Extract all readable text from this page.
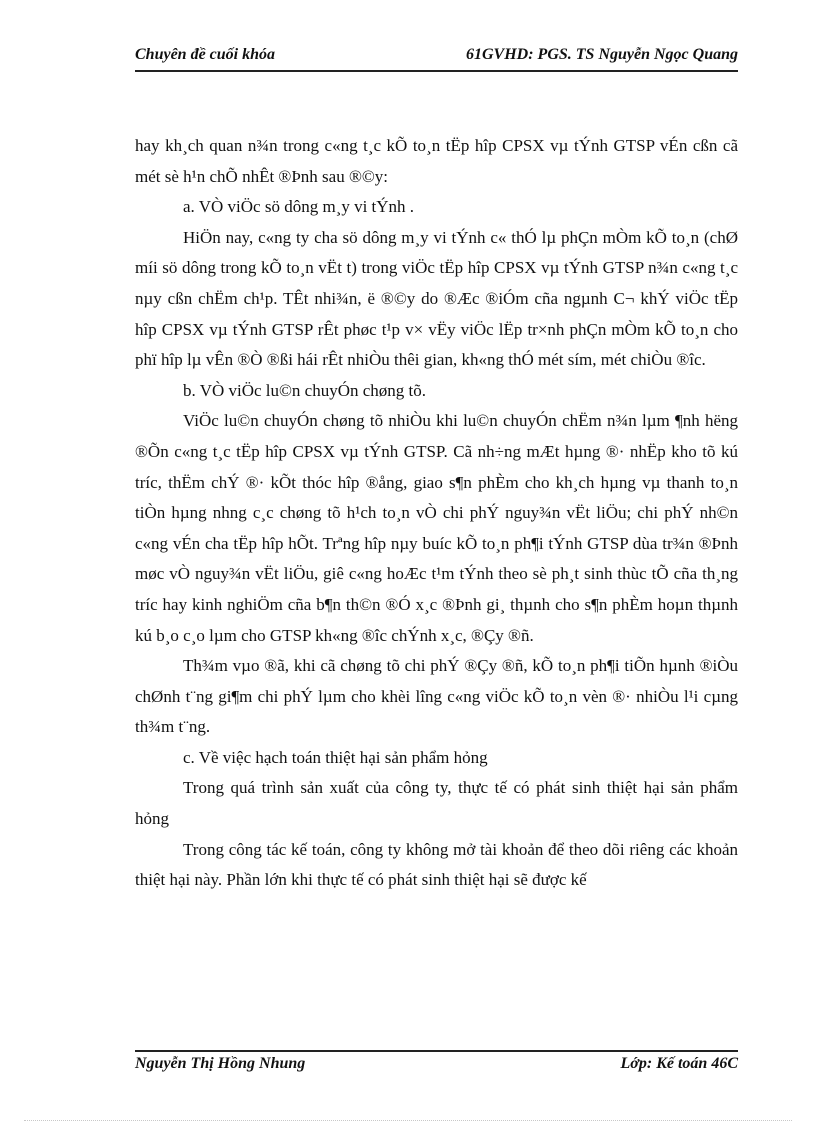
Chuyên đề cuối khóa	61GVHD: PGS. TS Nguyễn Ngọc Quang

hay kh¸ch quan n¾n trong c«ng t¸c kÕ to¸n tËp hîp CPSX vµ tÝnh GTSP vÉn cßn cã mét sè h¹n chÕ nhÊt ®Þnh sau ®©y:

a. VÒ viÖc sö dông m¸y vi tÝnh .

HiÖn nay, c«ng ty cha sö dông m¸y vi tÝnh c« thÓ lµ phÇn mÒm kÕ to¸n (chØ míi sö dông trong kÕ to¸n vËt t) trong viÖc tËp hîp CPSX vµ tÝnh GTSP n¾n c«ng t¸c nµy cßn chËm ch¹p. TÊt nhi¾n, ë ®©y do ®Æc ®iÓm cña ngµnh C¬ khÝ viÖc tËp hîp CPSX vµ tÝnh GTSP rÊt phøc t¹p v× vËy viÖc lËp tr×nh phÇn mÒm kÕ to¸n cho phï hîp lµ vÊn ®Ò ®ßi hái rÊt nhiÒu thêi gian, kh«ng thÓ mét sím, mét chiÒu ®îc.

b. VÒ viÖc lu©n chuyÓn chøng tõ.

ViÖc lu©n chuyÓn chøng tõ nhiÒu khi lu©n chuyÓn chËm n¾n lµm ¶nh hëng ®Õn c«ng t¸c tËp hîp CPSX vµ tÝnh GTSP. Cã nh÷ng mÆt hµng ®· nhËp kho tõ kú tríc, thËm chÝ ®· kÕt thóc hîp ®ång, giao s¶n phÈm cho kh¸ch hµng vµ thanh to¸n tiÒn hµng nhng c¸c chøng tõ h¹ch to¸n vÒ chi phÝ nguy¾n vËt liÖu; chi phÝ nh©n c«ng vÉn cha tËp hîp hÕt. Trªng hîp nµy buíc kÕ to¸n ph¶i tÝnh GTSP dùa tr¾n ®Þnh møc vÒ nguy¾n vËt liÖu, giê c«ng hoÆc t¹m tÝnh theo sè ph¸t sinh thùc tÕ cña th¸ng tríc hay kinh nghiÖm cña b¶n th©n ®Ó x¸c ®Þnh gi¸ thµnh cho s¶n phÈm hoµn thµnh kú b¸o c¸o lµm cho GTSP kh«ng ®îc chÝnh x¸c, ®Çy ®ñ.

Th¾m vµo ®ã, khi cã chøng tõ chi phÝ ®Çy ®ñ, kÕ to¸n ph¶i tiÕn hµnh ®iÒu chØnh t¨ng gi¶m chi phÝ lµm cho khèi lîng c«ng viÖc kÕ to¸n vèn ®· nhiÒu l¹i cµng th¾m t¨ng.

c. Về việc hạch toán thiệt hại sản phẩm hỏng

Trong quá trình sản xuất của công ty, thực tế có phát sinh thiệt hại sản phẩm hỏng

Trong công tác kế toán, công ty không mở tài khoản để theo dõi riêng các khoản thiệt hại này. Phần lớn khi thực tế có phát sinh thiệt hại sẽ được kế

Nguyễn Thị Hồng Nhung	Lớp: Kế toán 46C
